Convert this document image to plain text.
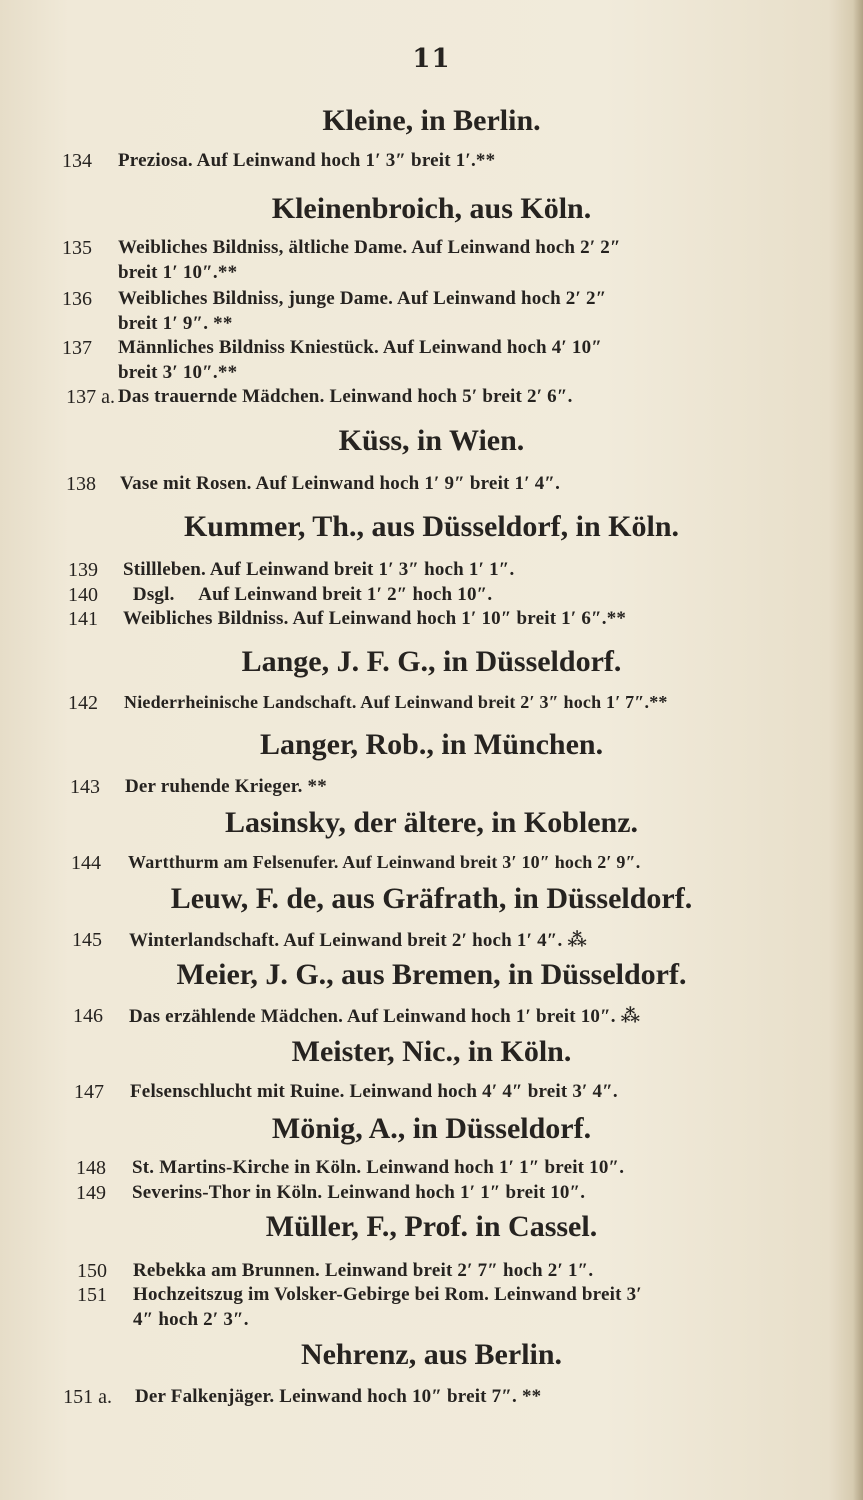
11
Kleine, in Berlin.
134 Preziosa. Auf Leinwand hoch 1′ 3″ breit 1′.**
Kleinenbroich, aus Köln.
135 Weibliches Bildniss, ältliche Dame. Auf Leinwand hoch 2′ 2″
breit 1′ 10″.**
136 Weibliches Bildniss, junge Dame. Auf Leinwand hoch 2′ 2″
breit 1′ 9″. **
137 Männliches Bildniss Kniestück. Auf Leinwand hoch 4′ 10″
breit 3′ 10″.**
137 a. Das trauernde Mädchen. Leinwand hoch 5′ breit 2′ 6″.
Küss, in Wien.
138 Vase mit Rosen. Auf Leinwand hoch 1′ 9″ breit 1′ 4″.
Kummer, Th., aus Düsseldorf, in Köln.
139 Stillleben. Auf Leinwand breit 1′ 3″ hoch 1′ 1″.
140 Dsgl.     Auf Leinwand breit 1′ 2″ hoch 10″.
141 Weibliches Bildniss. Auf Leinwand hoch 1′ 10″ breit 1′ 6″.**
Lange, J. F. G., in Düsseldorf.
142 Niederrheinische Landschaft. Auf Leinwand breit 2′ 3″ hoch 1′ 7″.**
Langer, Rob., in München.
143 Der ruhende Krieger. **
Lasinsky, der ältere, in Koblenz.
144 Wartthurm am Felsenufer. Auf Leinwand breit 3′ 10″ hoch 2′ 9″.
Leuw, F. de, aus Gräfrath, in Düsseldorf.
145 Winterlandschaft. Auf Leinwand breit 2′ hoch 1′ 4″. ⁂
Meier, J. G., aus Bremen, in Düsseldorf.
146 Das erzählende Mädchen. Auf Leinwand hoch 1′ breit 10″. ⁂
Meister, Nic., in Köln.
147 Felsenschlucht mit Ruine. Leinwand hoch 4′ 4″ breit 3′ 4″.
Mönig, A., in Düsseldorf.
148 St. Martins-Kirche in Köln. Leinwand hoch 1′ 1″ breit 10″.
149 Severins-Thor in Köln. Leinwand hoch 1′ 1″ breit 10″.
Müller, F., Prof. in Cassel.
150 Rebekka am Brunnen. Leinwand breit 2′ 7″ hoch 2′ 1″.
151 Hochzeitszug im Volsker-Gebirge bei Rom. Leinwand breit 3′
4″ hoch 2′ 3″.
Nehrenz, aus Berlin.
151 a. Der Falkenjäger. Leinwand hoch 10″ breit 7″. **
